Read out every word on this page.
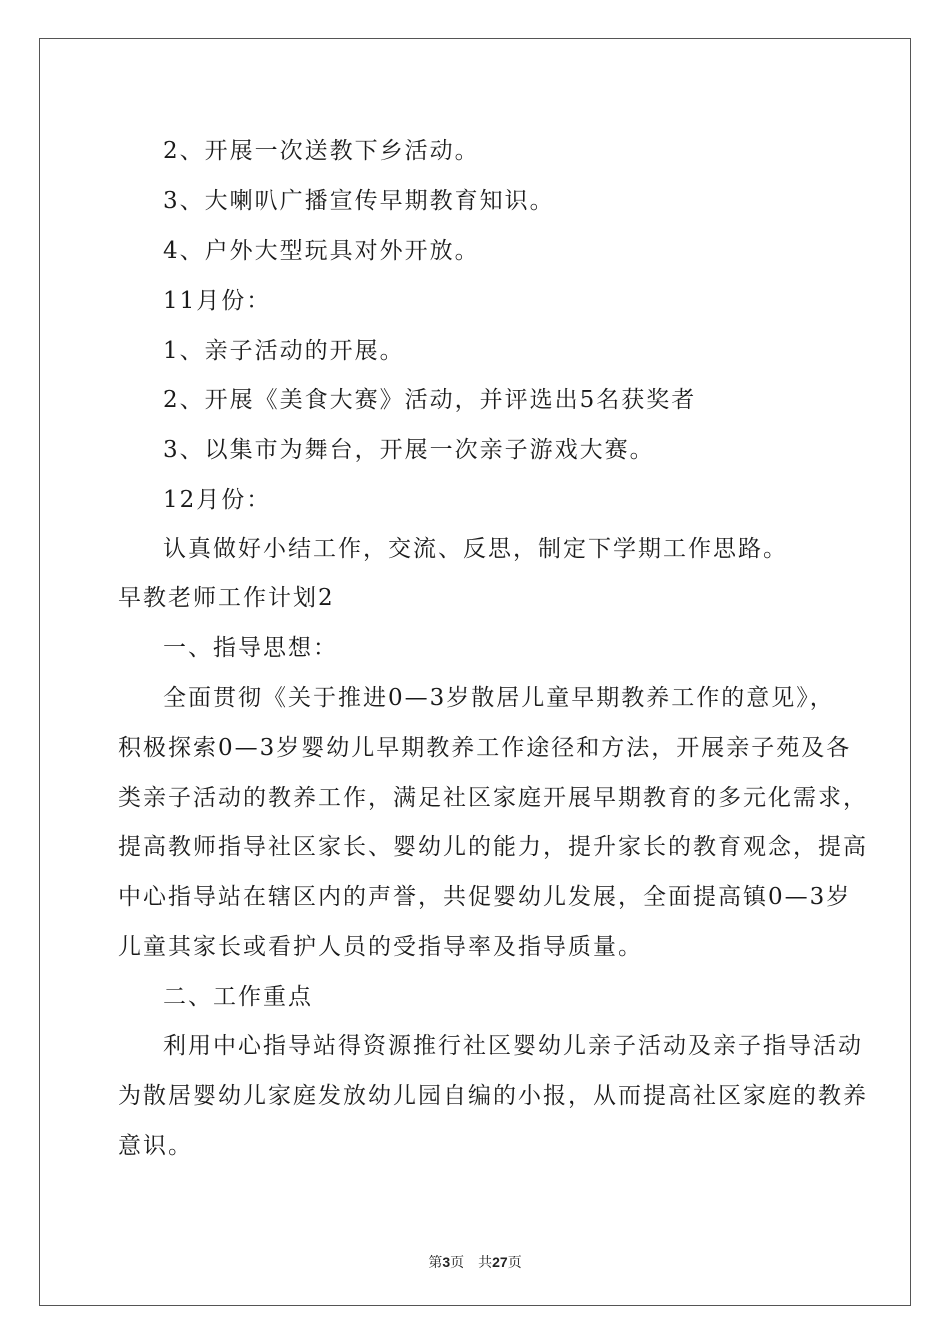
2、开展一次送教下乡活动。
3、大喇叭广播宣传早期教育知识。
4、户外大型玩具对外开放。
11月份：
1、亲子活动的开展。
2、开展《美食大赛》活动，并评选出5名获奖者
3、以集市为舞台，开展一次亲子游戏大赛。
12月份：
认真做好小结工作，交流、反思，制定下学期工作思路。
早教老师工作计划2
一、指导思想：
全面贯彻《关于推进0—3岁散居儿童早期教养工作的意见》，
积极探索0—3岁婴幼儿早期教养工作途径和方法，开展亲子苑及各
类亲子活动的教养工作，满足社区家庭开展早期教育的多元化需求，
提高教师指导社区家长、婴幼儿的能力，提升家长的教育观念，提高
中心指导站在辖区内的声誉，共促婴幼儿发展，全面提高镇0—3岁
儿童其家长或看护人员的受指导率及指导质量。
二、工作重点
利用中心指导站得资源推行社区婴幼儿亲子活动及亲子指导活动
为散居婴幼儿家庭发放幼儿园自编的小报，从而提高社区家庭的教养
意识。
第3页　共27页
